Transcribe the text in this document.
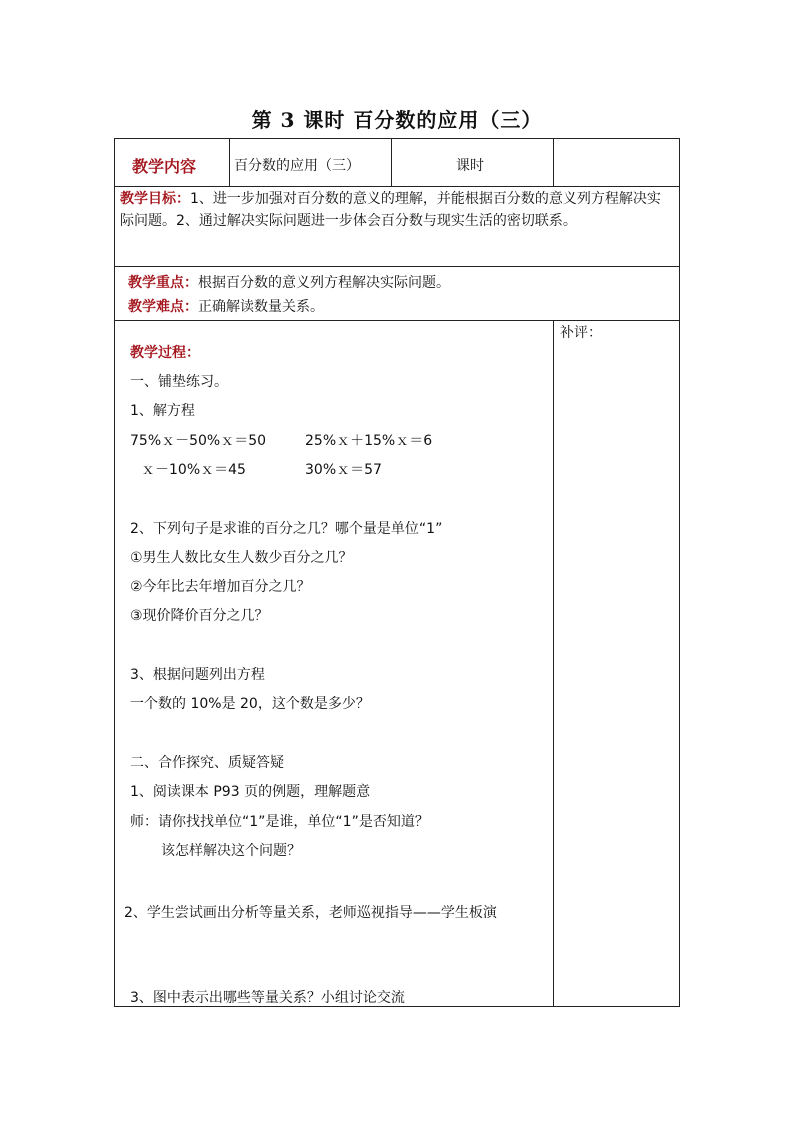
第 3 课时 百分数的应用（三）
教学内容	百分数的应用（三）	课时
教学目标：1、进一步加强对百分数的意义的理解，并能根据百分数的意义列方程解决实际问题。2、通过解决实际问题进一步体会百分数与现实生活的密切联系。
教学重点：根据百分数的意义列方程解决实际问题。
教学难点：正确解读数量关系。
补评：
教学过程：
一、铺垫练习。
1、解方程
75%ｘ－50%ｘ＝50	25%ｘ＋15%ｘ＝6
ｘ－10%ｘ＝45	30%ｘ＝57
2、下列句子是求谁的百分之几？哪个量是单位“1”
①男生人数比女生人数少百分之几？
②今年比去年增加百分之几？
③现价降价百分之几？
3、根据问题列出方程
一个数的 10%是 20，这个数是多少？
二、合作探究、质疑答疑
1、阅读课本 P93 页的例题，理解题意
师：请你找找单位“1”是谁，单位“1”是否知道？
该怎样解决这个问题？
2、学生尝试画出分析等量关系，老师巡视指导——学生板演
3、图中表示出哪些等量关系？小组讨论交流
